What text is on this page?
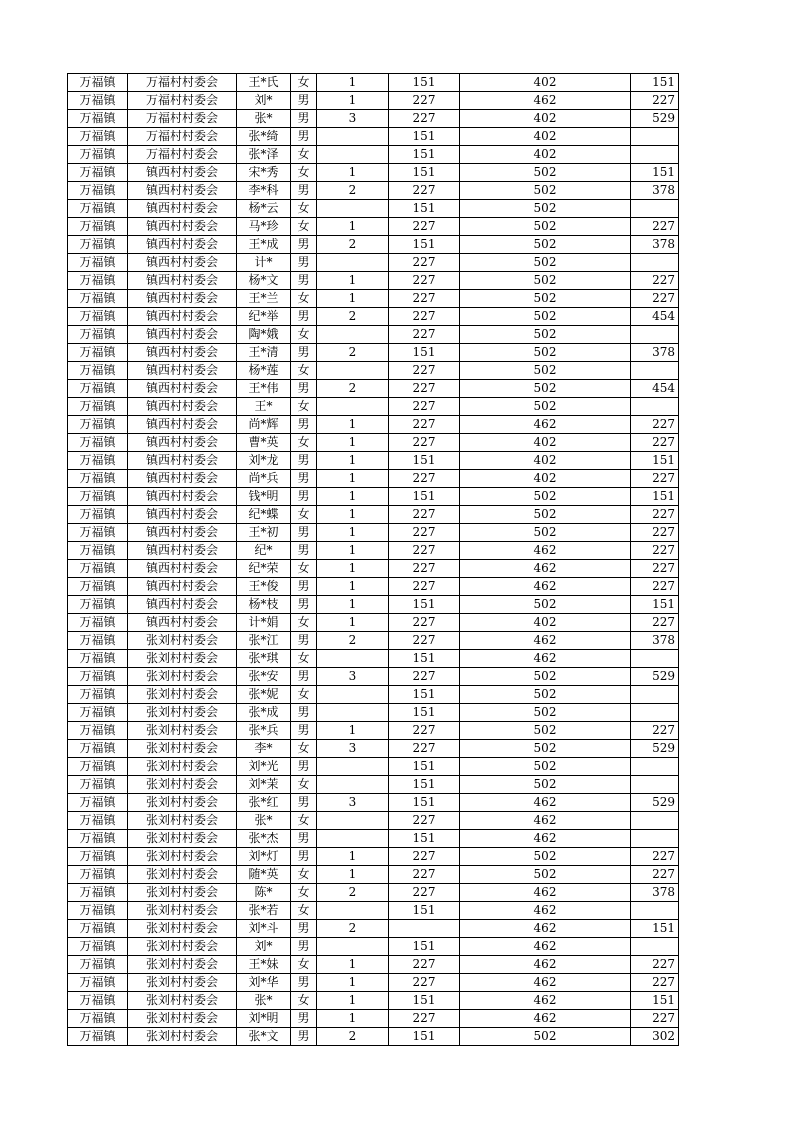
万福镇	万福村村委会	王*氏	女	1	151	402	151
万福镇	万福村村委会	刘*	男	1	227	462	227
万福镇	万福村村委会	张*	男	3	227	402	529
万福镇	万福村村委会	张*绮	男		151	402	
万福镇	万福村村委会	张*泽	女		151	402	
万福镇	镇西村村委会	宋*秀	女	1	151	502	151
万福镇	镇西村村委会	李*科	男	2	227	502	378
万福镇	镇西村村委会	杨*云	女		151	502	
万福镇	镇西村村委会	马*珍	女	1	227	502	227
万福镇	镇西村村委会	王*成	男	2	151	502	378
万福镇	镇西村村委会	计*	男		227	502	
万福镇	镇西村村委会	杨*文	男	1	227	502	227
万福镇	镇西村村委会	王*兰	女	1	227	502	227
万福镇	镇西村村委会	纪*举	男	2	227	502	454
万福镇	镇西村村委会	陶*娥	女		227	502	
万福镇	镇西村村委会	王*清	男	2	151	502	378
万福镇	镇西村村委会	杨*莲	女		227	502	
万福镇	镇西村村委会	王*伟	男	2	227	502	454
万福镇	镇西村村委会	王*	女		227	502	
万福镇	镇西村村委会	尚*辉	男	1	227	462	227
万福镇	镇西村村委会	曹*英	女	1	227	402	227
万福镇	镇西村村委会	刘*龙	男	1	151	402	151
万福镇	镇西村村委会	尚*兵	男	1	227	402	227
万福镇	镇西村村委会	钱*明	男	1	151	502	151
万福镇	镇西村村委会	纪*蝶	女	1	227	502	227
万福镇	镇西村村委会	王*初	男	1	227	502	227
万福镇	镇西村村委会	纪*	男	1	227	462	227
万福镇	镇西村村委会	纪*荣	女	1	227	462	227
万福镇	镇西村村委会	王*俊	男	1	227	462	227
万福镇	镇西村村委会	杨*枝	男	1	151	502	151
万福镇	镇西村村委会	计*娟	女	1	227	402	227
万福镇	张刘村村委会	张*江	男	2	227	462	378
万福镇	张刘村村委会	张*琪	女		151	462	
万福镇	张刘村村委会	张*安	男	3	227	502	529
万福镇	张刘村村委会	张*妮	女		151	502	
万福镇	张刘村村委会	张*成	男		151	502	
万福镇	张刘村村委会	张*兵	男	1	227	502	227
万福镇	张刘村村委会	李*	女	3	227	502	529
万福镇	张刘村村委会	刘*光	男		151	502	
万福镇	张刘村村委会	刘*茉	女		151	502	
万福镇	张刘村村委会	张*红	男	3	151	462	529
万福镇	张刘村村委会	张*	女		227	462	
万福镇	张刘村村委会	张*杰	男		151	462	
万福镇	张刘村村委会	刘*灯	男	1	227	502	227
万福镇	张刘村村委会	随*英	女	1	227	502	227
万福镇	张刘村村委会	陈*	女	2	227	462	378
万福镇	张刘村村委会	张*若	女		151	462	
万福镇	张刘村村委会	刘*斗	男	2		462	151
万福镇	张刘村村委会	刘*	男		151	462	
万福镇	张刘村村委会	王*妹	女	1	227	462	227
万福镇	张刘村村委会	刘*华	男	1	227	462	227
万福镇	张刘村村委会	张*	女	1	151	462	151
万福镇	张刘村村委会	刘*明	男	1	227	462	227
万福镇	张刘村村委会	张*文	男	2	151	502	302
